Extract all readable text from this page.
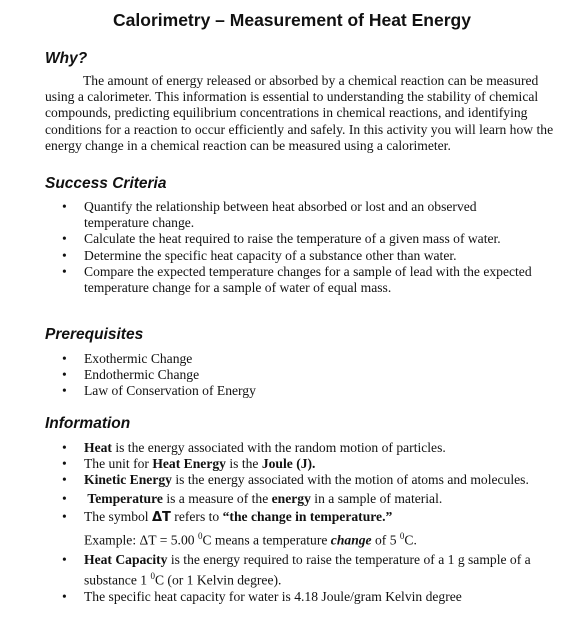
Calorimetry – Measurement of Heat Energy
Why?
The amount of energy released or absorbed by a chemical reaction can be measured using a calorimeter. This information is essential to understanding the stability of chemical compounds, predicting equilibrium concentrations in chemical reactions, and identifying conditions for a reaction to occur efficiently and safely. In this activity you will learn how the energy change in a chemical reaction can be measured using a calorimeter.
Success Criteria
• Quantify the relationship between heat absorbed or lost and an observed temperature change.
• Calculate the heat required to raise the temperature of a given mass of water.
• Determine the specific heat capacity of a substance other than water.
• Compare the expected temperature changes for a sample of lead with the expected temperature change for a sample of water of equal mass.
Prerequisites
• Exothermic Change
• Endothermic Change
• Law of Conservation of Energy
Information
• Heat is the energy associated with the random motion of particles.
• The unit for Heat Energy is the Joule (J).
• Kinetic Energy is the energy associated with the motion of atoms and molecules.
• Temperature is a measure of the energy in a sample of material.
• The symbol ΔT refers to “the change in temperature.”
Example: ΔT = 5.00 $^0$C means a temperature change of 5 $^0$C.
• Heat Capacity is the energy required to raise the temperature of a 1 g sample of a substance 1 $^0$C (or 1 Kelvin degree).
• The specific heat capacity for water is 4.18 Joule/gram Kelvin degree
